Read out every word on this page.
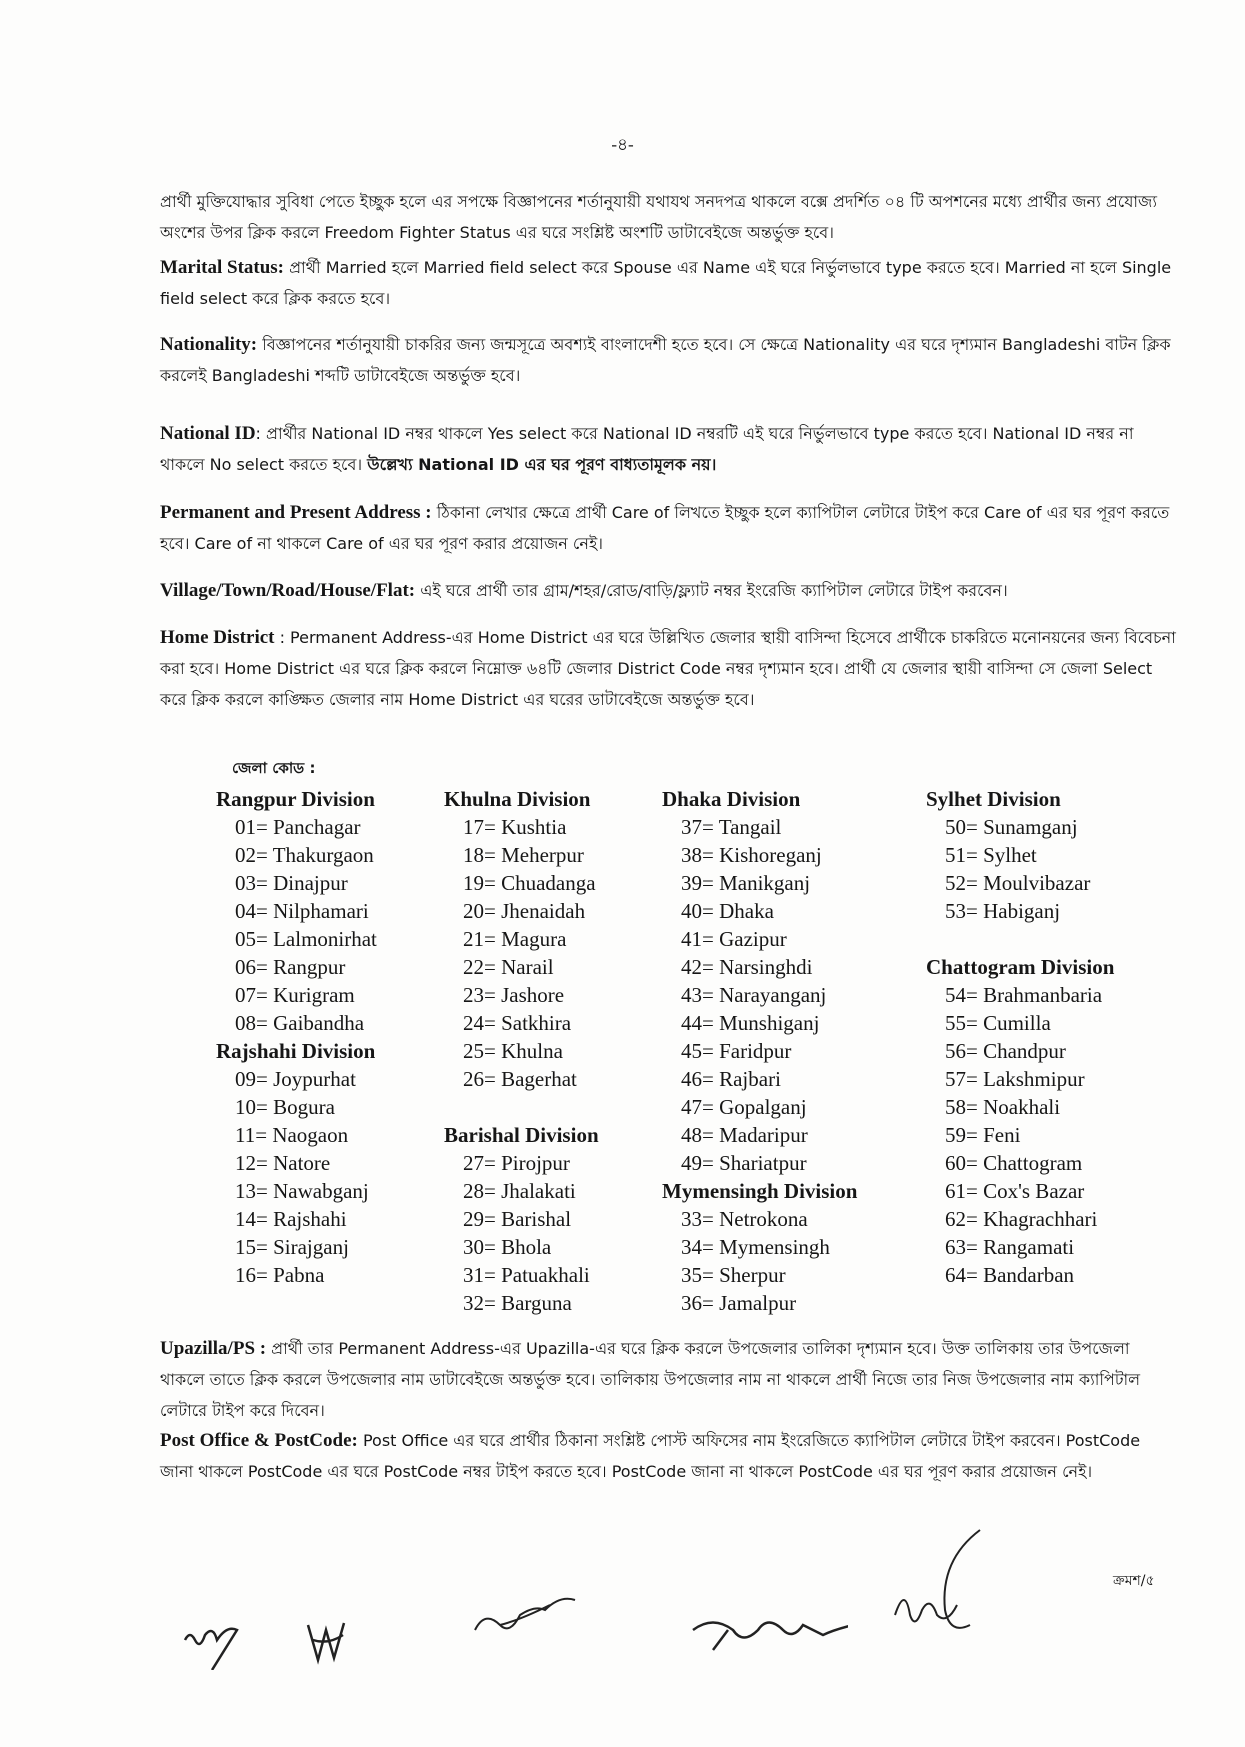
-৪-

প্রার্থী মুক্তিযোদ্ধার সুবিধা পেতে ইচ্ছুক হলে এর সপক্ষে বিজ্ঞাপনের শর্তানুযায়ী যথাযথ সনদপত্র থাকলে বক্সে প্রদর্শিত ০৪ টি অপশনের মধ্যে প্রার্থীর জন্য প্রযোজ্য অংশের উপর ক্লিক করলে Freedom Fighter Status এর ঘরে সংশ্লিষ্ট অংশটি ডাটাবেইজে অন্তর্ভুক্ত হবে।

Marital Status: প্রার্থী Married হলে Married field select করে Spouse এর Name এই ঘরে নির্ভুলভাবে type করতে হবে। Married না হলে Single field select করে ক্লিক করতে হবে।

Nationality: বিজ্ঞাপনের শর্তানুযায়ী চাকরির জন্য জন্মসূত্রে অবশ্যই বাংলাদেশী হতে হবে। সে ক্ষেত্রে Nationality এর ঘরে দৃশ্যমান Bangladeshi বাটন ক্লিক করলেই Bangladeshi শব্দটি ডাটাবেইজে অন্তর্ভুক্ত হবে।

National ID: প্রার্থীর National ID নম্বর থাকলে Yes select করে National ID নম্বরটি এই ঘরে নির্ভুলভাবে type করতে হবে। National ID নম্বর না থাকলে No select করতে হবে। উল্লেখ্য National ID এর ঘর পূরণ বাধ্যতামূলক নয়।

Permanent and Present Address : ঠিকানা লেখার ক্ষেত্রে প্রার্থী Care of লিখতে ইচ্ছুক হলে ক্যাপিটাল লেটারে টাইপ করে Care of এর ঘর পূরণ করতে হবে। Care of না থাকলে Care of এর ঘর পূরণ করার প্রয়োজন নেই।

Village/Town/Road/House/Flat: এই ঘরে প্রার্থী তার গ্রাম/শহর/রোড/বাড়ি/ফ্ল্যাট নম্বর ইংরেজি ক্যাপিটাল লেটারে টাইপ করবেন।

Home District : Permanent Address-এর Home District এর ঘরে উল্লিখিত জেলার স্থায়ী বাসিন্দা হিসেবে প্রার্থীকে চাকরিতে মনোনয়নের জন্য বিবেচনা করা হবে। Home District এর ঘরে ক্লিক করলে নিম্নোক্ত ৬৪টি জেলার District Code নম্বর দৃশ্যমান হবে। প্রার্থী যে জেলার স্থায়ী বাসিন্দা সে জেলা Select করে ক্লিক করলে কাঙ্ক্ষিত জেলার নাম Home District এর ঘরের ডাটাবেইজে অন্তর্ভুক্ত হবে।

জেলা কোড :
Rangpur Division
01= Panchagar
02= Thakurgaon
03= Dinajpur
04= Nilphamari
05= Lalmonirhat
06= Rangpur
07= Kurigram
08= Gaibandha
Rajshahi Division
09= Joypurhat
10= Bogura
11= Naogaon
12= Natore
13= Nawabganj
14= Rajshahi
15= Sirajganj
16= Pabna
Khulna Division
17= Kushtia
18= Meherpur
19= Chuadanga
20= Jhenaidah
21= Magura
22= Narail
23= Jashore
24= Satkhira
25= Khulna
26= Bagerhat
Barishal Division
27= Pirojpur
28= Jhalakati
29= Barishal
30= Bhola
31= Patuakhali
32= Barguna
Dhaka Division
37= Tangail
38= Kishoreganj
39= Manikganj
40= Dhaka
41= Gazipur
42= Narsinghdi
43= Narayanganj
44= Munshiganj
45= Faridpur
46= Rajbari
47= Gopalganj
48= Madaripur
49= Shariatpur
Mymensingh Division
33= Netrokona
34= Mymensingh
35= Sherpur
36= Jamalpur
Sylhet Division
50= Sunamganj
51= Sylhet
52= Moulvibazar
53= Habiganj
Chattogram Division
54= Brahmanbaria
55= Cumilla
56= Chandpur
57= Lakshmipur
58= Noakhali
59= Feni
60= Chattogram
61= Cox's Bazar
62= Khagrachhari
63= Rangamati
64= Bandarban

Upazilla/PS : প্রার্থী তার Permanent Address-এর Upazilla-এর ঘরে ক্লিক করলে উপজেলার তালিকা দৃশ্যমান হবে। উক্ত তালিকায় তার উপজেলা থাকলে তাতে ক্লিক করলে উপজেলার নাম ডাটাবেইজে অন্তর্ভুক্ত হবে। তালিকায় উপজেলার নাম না থাকলে প্রার্থী নিজে তার নিজ উপজেলার নাম ক্যাপিটাল লেটারে টাইপ করে দিবেন।

Post Office & PostCode: Post Office এর ঘরে প্রার্থীর ঠিকানা সংশ্লিষ্ট পোস্ট অফিসের নাম ইংরেজিতে ক্যাপিটাল লেটারে টাইপ করবেন। PostCode জানা থাকলে PostCode এর ঘরে PostCode নম্বর টাইপ করতে হবে। PostCode জানা না থাকলে PostCode এর ঘর পূরণ করার প্রয়োজন নেই।

ক্রমশ/৫
